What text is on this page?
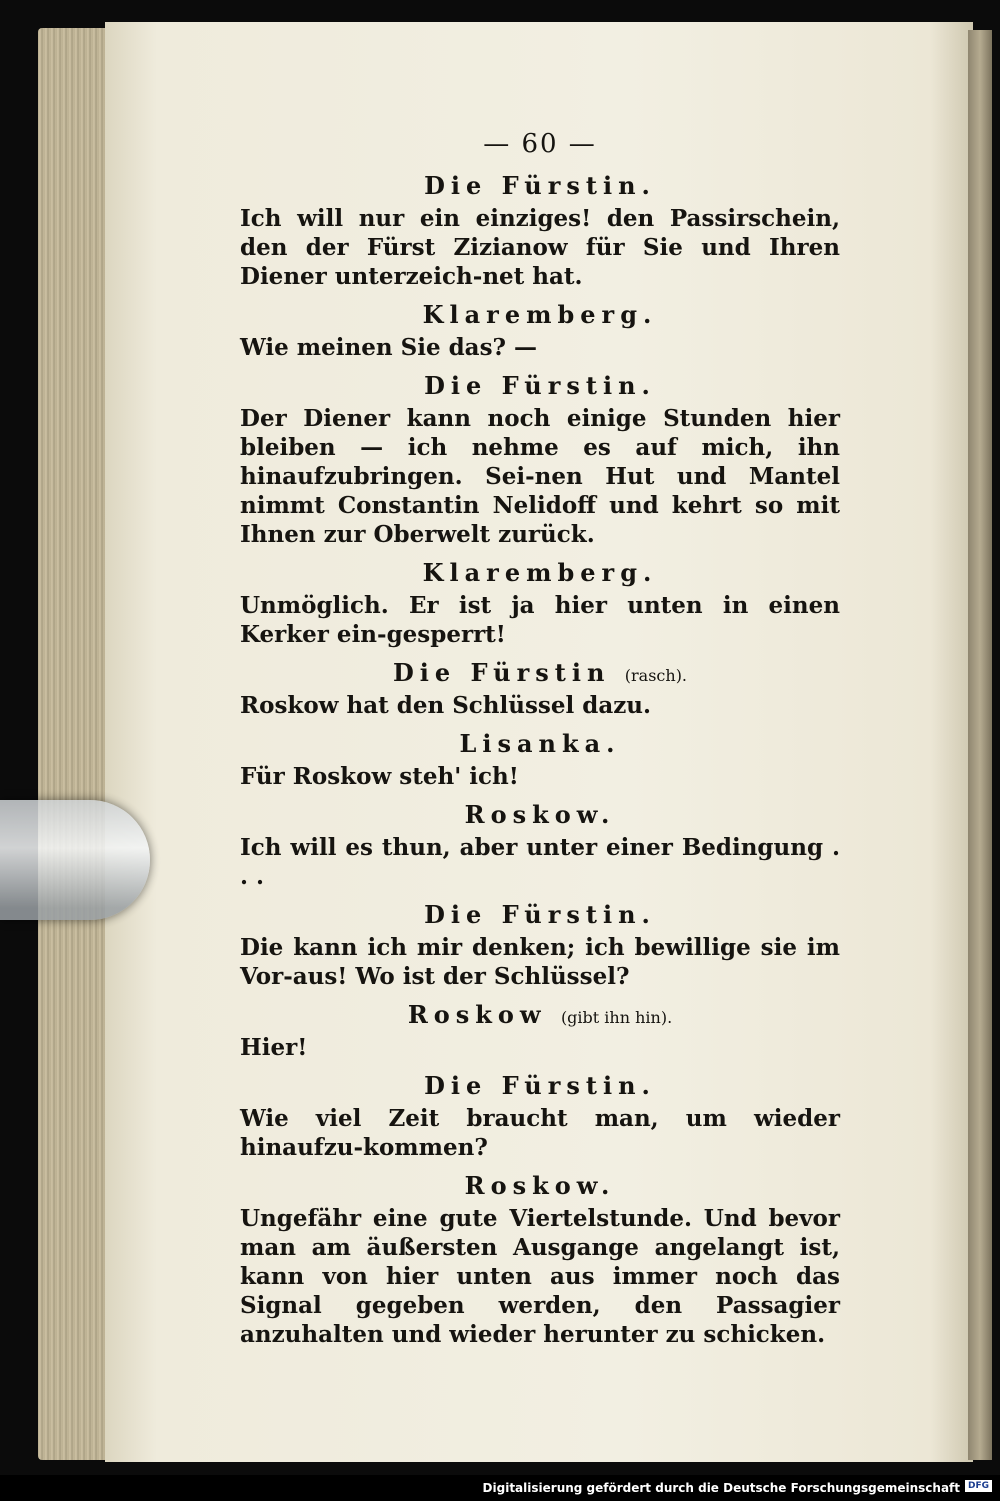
— 60 —
Die Fürstin.

Ich will nur ein einziges! den Passirschein, den der Fürst Zizianow für Sie und Ihren Diener unterzeich-net hat.

Klaremberg.

Wie meinen Sie das? —

Die Fürstin.

Der Diener kann noch einige Stunden hier bleiben — ich nehme es auf mich, ihn hinaufzubringen. Sei-nen Hut und Mantel nimmt Constantin Nelidoff und kehrt so mit Ihnen zur Oberwelt zurück.

Klaremberg.

Unmöglich. Er ist ja hier unten in einen Kerker ein-gesperrt!

Die Fürstin (rasch).

Roskow hat den Schlüssel dazu.

Lisanka.

Für Roskow steh' ich!

Roskow.

Ich will es thun, aber unter einer Bedingung . . .

Die Fürstin.

Die kann ich mir denken; ich bewillige sie im Vor-aus! Wo ist der Schlüssel?

Roskow (gibt ihn hin).

Hier!

Die Fürstin.

Wie viel Zeit braucht man, um wieder hinaufzu-kommen?

Roskow.

Ungefähr eine gute Viertelstunde. Und bevor man am äußersten Ausgange angelangt ist, kann von hier unten aus immer noch das Signal gegeben werden, den Passagier anzuhalten und wieder herunter zu schicken.

Digitalisierung gefördert durch die Deutsche Forschungsgemeinschaft DFG
